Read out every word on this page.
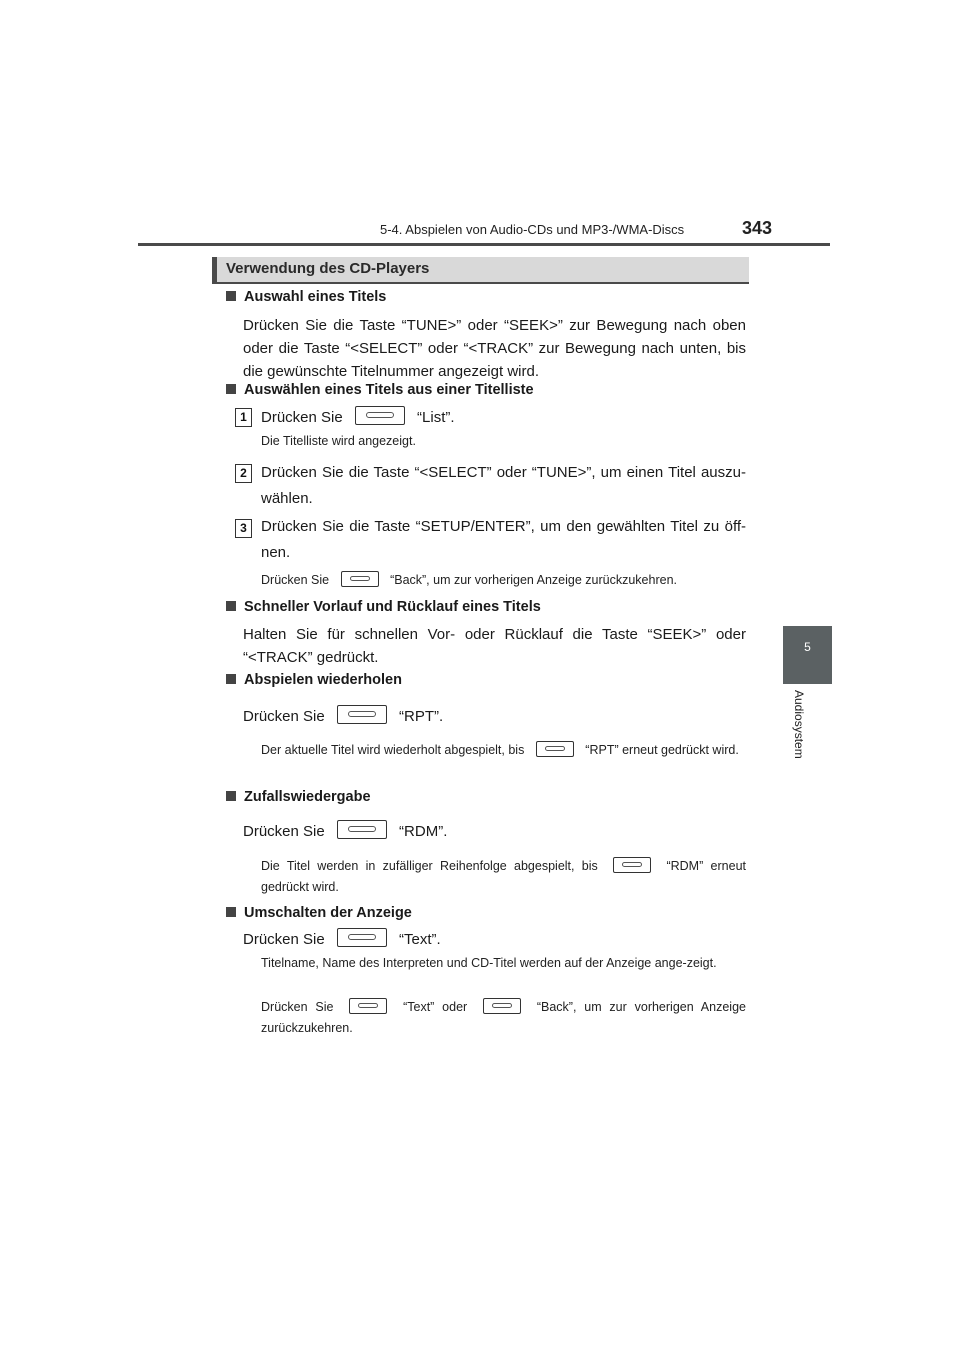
5-4. Abspielen von Audio-CDs und MP3-/WMA-Discs	343
5
Audiosystem
Verwendung des CD-Players
Auswahl eines Titels
Drücken Sie die Taste “TUNE>” oder “SEEK>” zur Bewegung nach oben oder die Taste “<SELECT” oder “<TRACK” zur Bewegung nach unten, bis die gewünschte Titelnummer angezeigt wird.
Auswählen eines Titels aus einer Titelliste
1 Drücken Sie	“List”.
Die Titelliste wird angezeigt.
2 Drücken Sie die Taste “<SELECT” oder “TUNE>”, um einen Titel auszu-wählen.
3 Drücken Sie die Taste “SETUP/ENTER”, um den gewählten Titel zu öff-nen.
Drücken Sie	“Back”, um zur vorherigen Anzeige zurückzukehren.
Schneller Vorlauf und Rücklauf eines Titels
Halten Sie für schnellen Vor- oder Rücklauf die Taste “SEEK>” oder “<TRACK” gedrückt.
Abspielen wiederholen
Drücken Sie	“RPT”.
Der aktuelle Titel wird wiederholt abgespielt, bis	“RPT” erneut gedrückt wird.
Zufallswiedergabe
Drücken Sie	“RDM”.
Die Titel werden in zufälliger Reihenfolge abgespielt, bis	“RDM” erneut gedrückt wird.
Umschalten der Anzeige
Drücken Sie	“Text”.
Titelname, Name des Interpreten und CD-Titel werden auf der Anzeige ange-zeigt.
Drücken Sie	“Text” oder	“Back”, um zur vorherigen Anzeige zurückzukehren.
